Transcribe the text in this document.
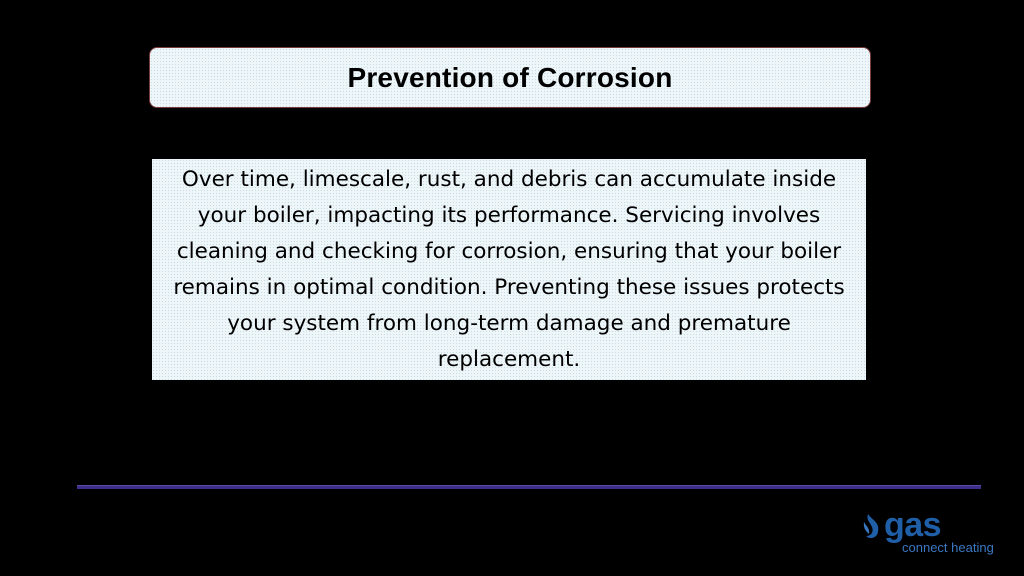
Prevention of Corrosion

Over time, limescale, rust, and debris can accumulate inside your boiler, impacting its performance. Servicing involves cleaning and checking for corrosion, ensuring that your boiler remains in optimal condition. Preventing these issues protects your system from long-term damage and premature replacement.

gas
connect heating
